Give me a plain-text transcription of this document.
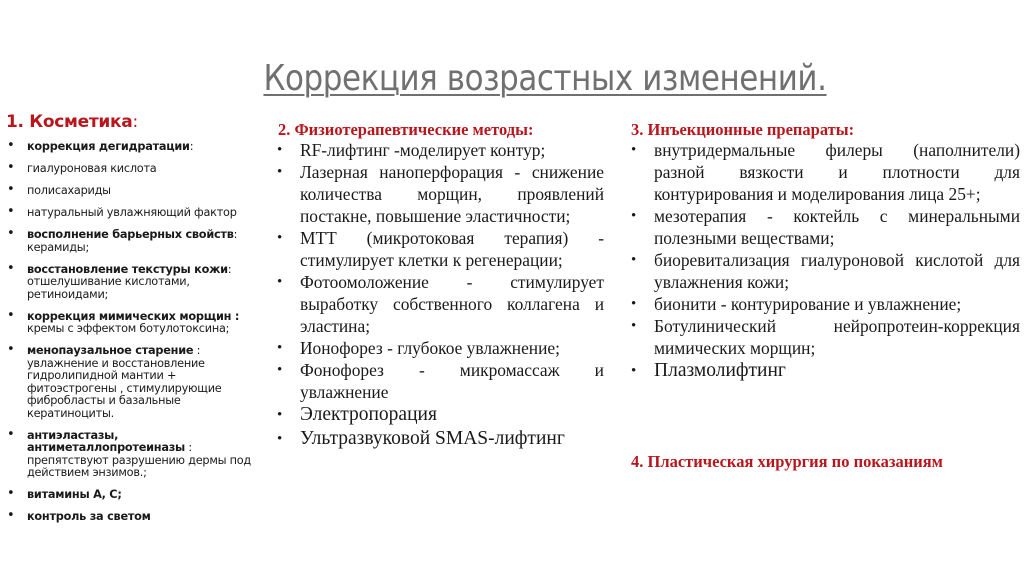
Коррекция возрастных изменений.
1. Косметика:
• коррекция дегидратации:
• гиалуроновая кислота
• полисахариды
• натуральный увлажняющий фактор
• восполнение барьерных свойств: керамиды;
• восстановление текстуры кожи: отшелушивание кислотами, ретиноидами;
• коррекция мимических морщин : кремы с эффектом ботулотоксина;
• менопаузальное старение : увлажнение и восстановление гидролипидной мантии + фитоэстрогены , стимулирующие фибробласты и базальные кератиноциты.
• антиэластазы, антиметаллопротеиназы : препятствуют разрушению дермы под действием энзимов.;
• витамины А, С;
• контроль за светом
2. Физиотерапевтические методы:
• RF-лифтинг -моделирует контур;
• Лазерная нанoперфорация - снижение количества морщин, проявлений постакне, повышение эластичности;
• МТТ (микротоковая терапия) - стимулирует клетки к регенерации;
• Фотоомоложение - стимулирует выработку собственного коллагена и эластина;
• Ионофорез - глубокое увлажнение;
• Фонофорез - микромассаж и увлажнение
• Электропорация
• Ультразвуковой SMAS-лифтинг
3. Инъекционные препараты:
• внутридермальные филеры (наполнители) разной вязкости и плотности для контурирования и моделирования лица 25+;
• мезотерапия - коктейль с минеральными полезными веществами;
• биоревитализация гиалуроновой кислотой для увлажнения кожи;
• бионити - контурирование и увлажнение;
• Ботулинический нейропротеин-коррекция мимических морщин;
• Плазмолифтинг
4. Пластическая хирургия по показаниям
